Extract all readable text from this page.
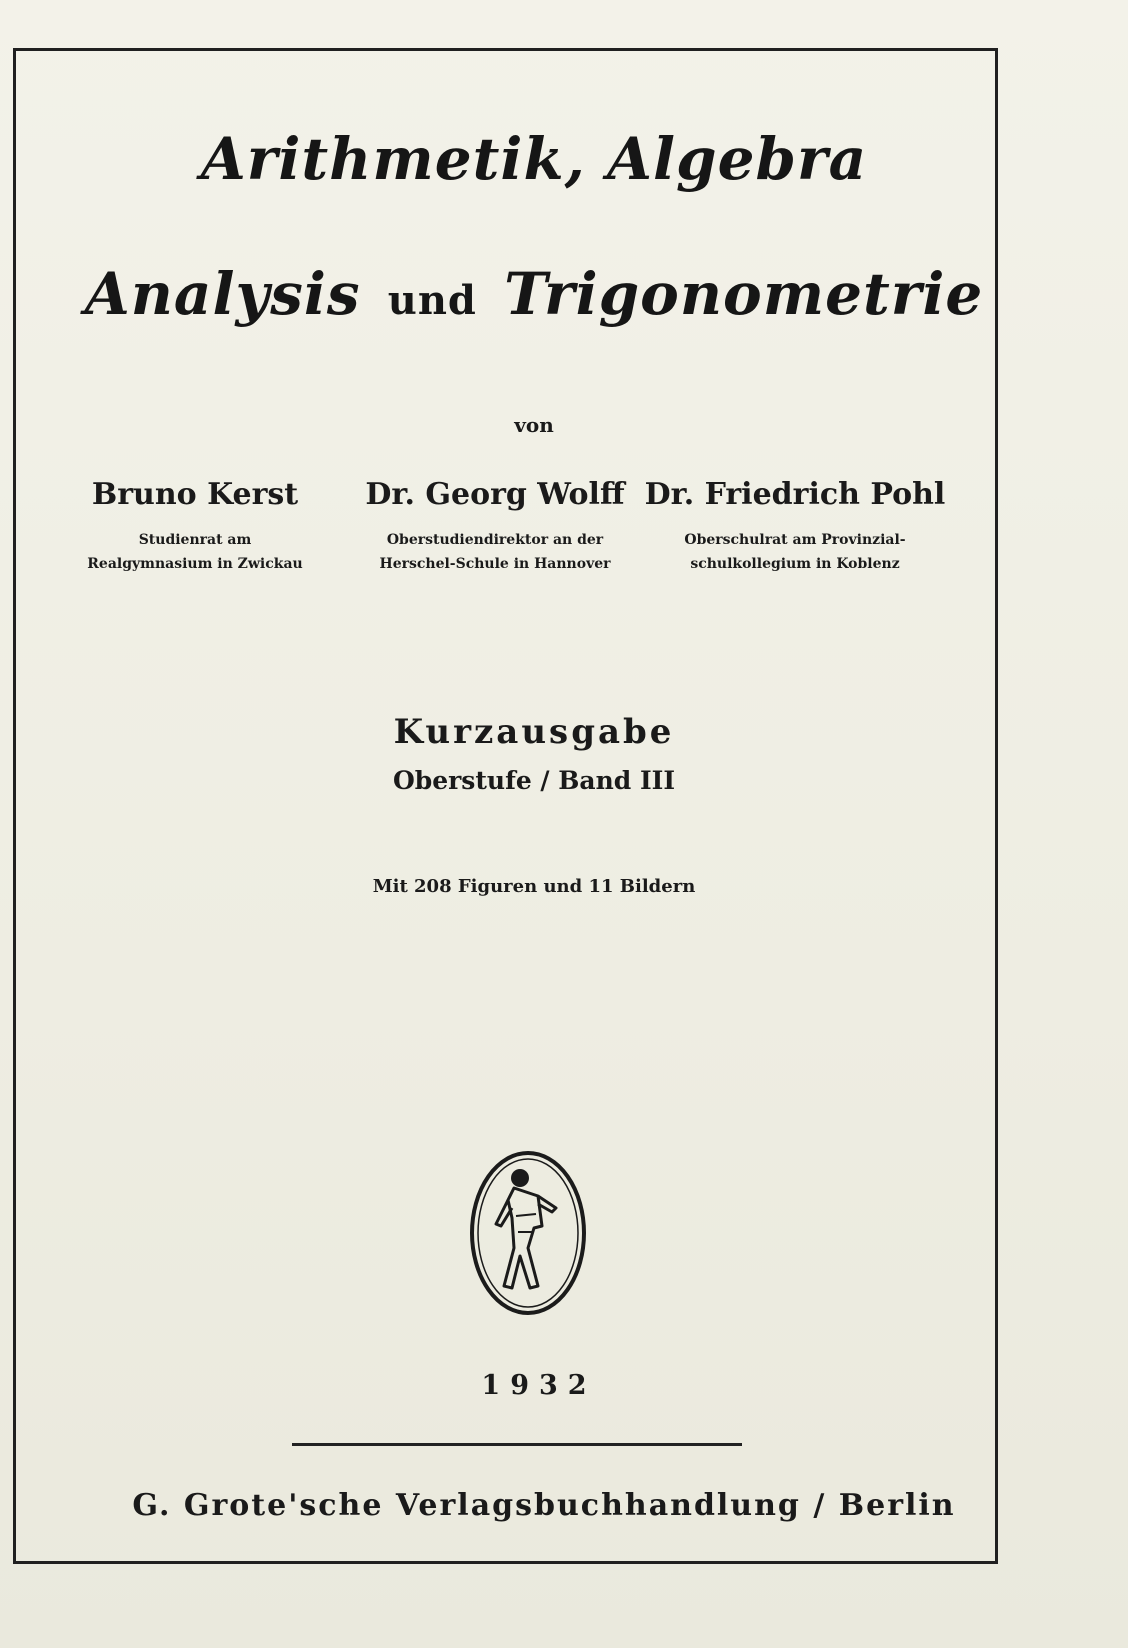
Arithmetik, Algebra
Analysis und Trigonometrie
von
Bruno Kerst
Studienrat am
Realgymnasium in Zwickau
Dr. Georg Wolff
Oberstudiendirektor an der
Herschel-Schule in Hannover
Dr. Friedrich Pohl
Oberschulrat am Provinzial-
schulkollegium in Koblenz
Kurzausgabe
Oberstufe / Band III
Mit 208 Figuren und 11 Bildern
1932
G. Grote'sche Verlagsbuchhandlung / Berlin
